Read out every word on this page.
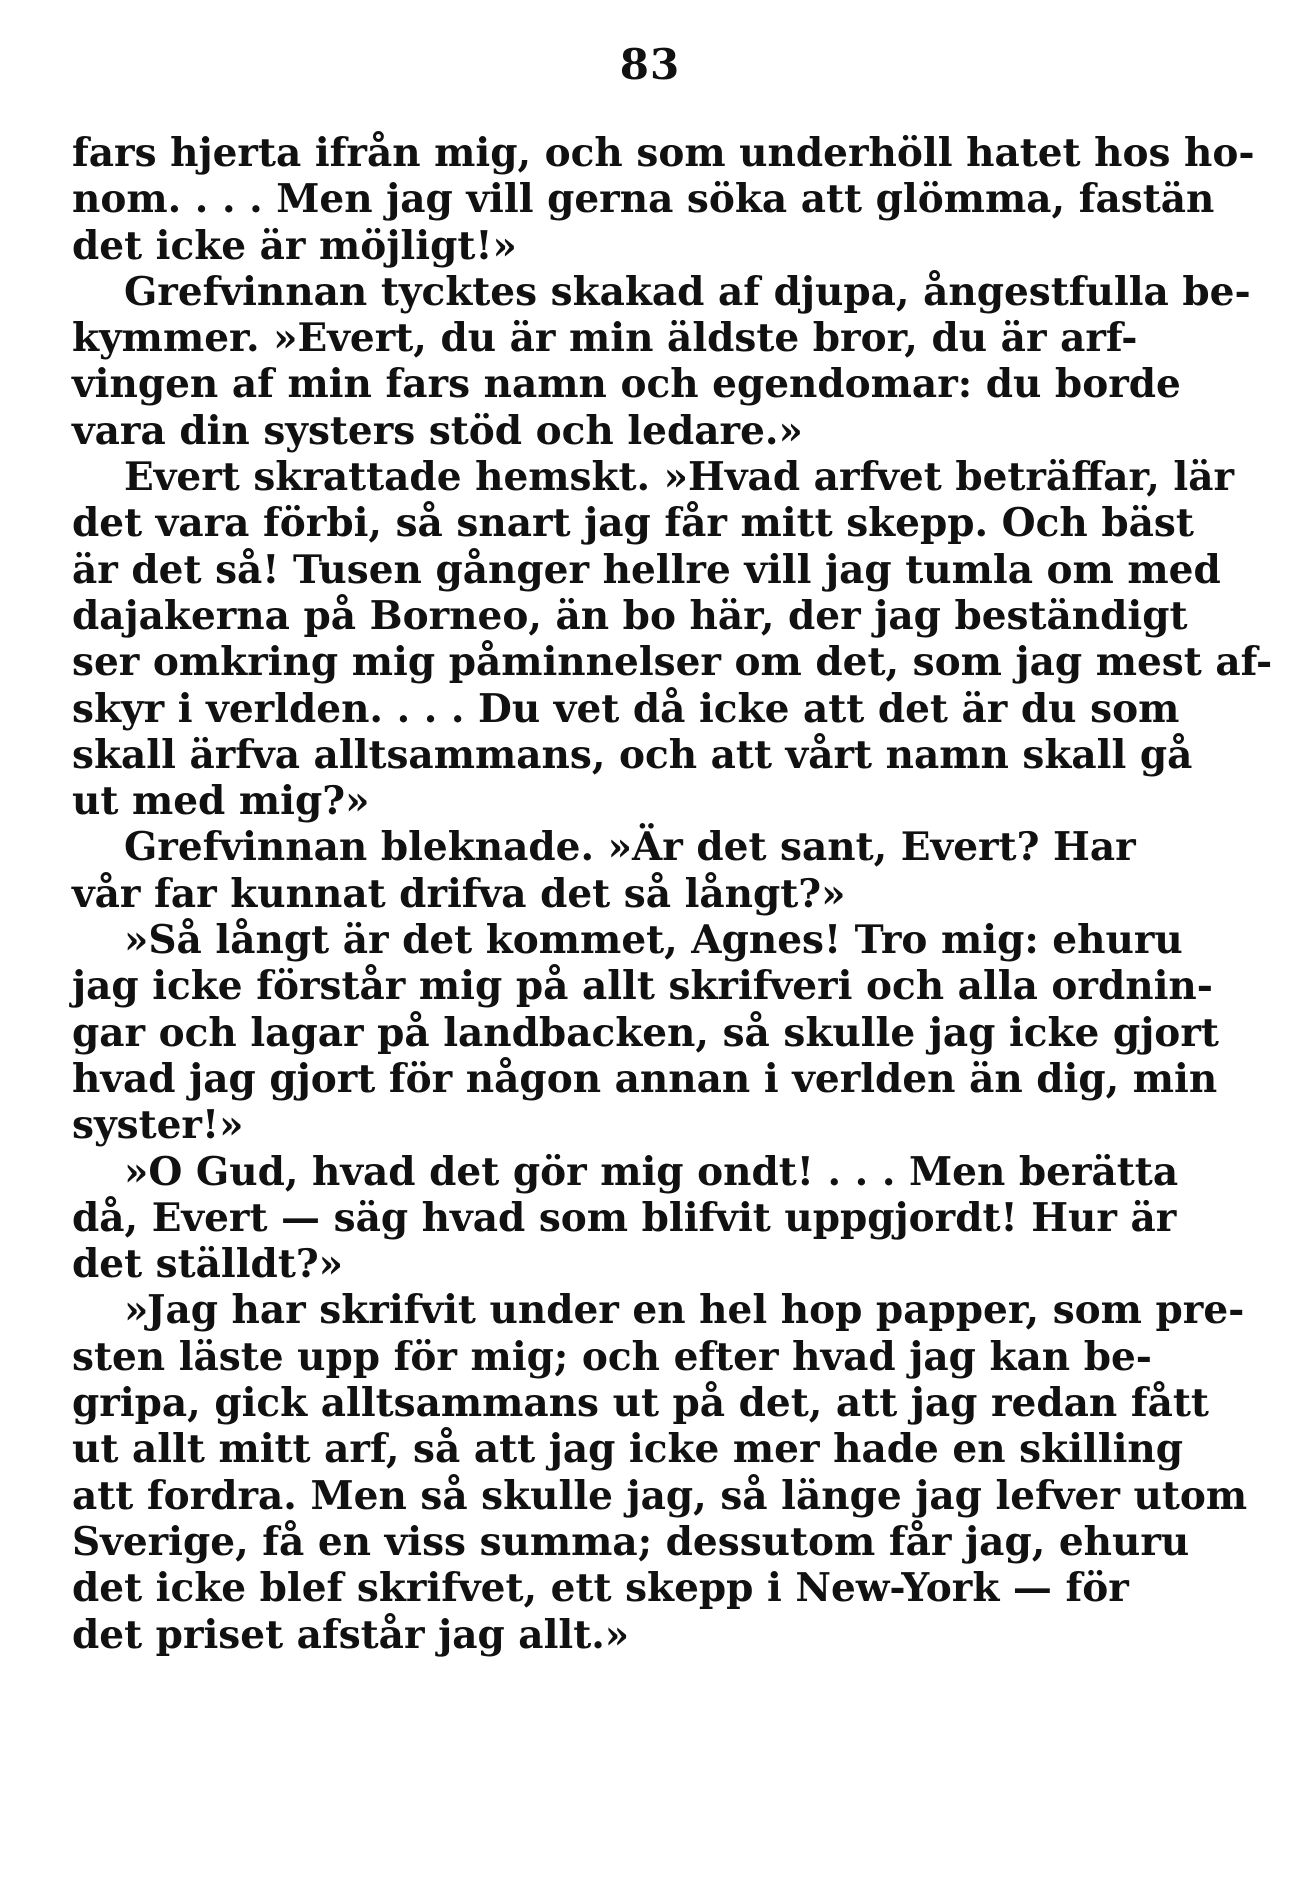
83
fars hjerta ifrån mig, och som underhöll hatet hos ho-
nom. . . . Men jag vill gerna söka att glömma, fastän
det icke är möjligt!»
Grefvinnan tycktes skakad af djupa, ångestfulla be-
kymmer. »Evert, du är min äldste bror, du är arf-
vingen af min fars namn och egendomar: du borde
vara din systers stöd och ledare.»
Evert skrattade hemskt. »Hvad arfvet beträffar, lär
det vara förbi, så snart jag får mitt skepp. Och bäst
är det så! Tusen gånger hellre vill jag tumla om med
dajakerna på Borneo, än bo här, der jag beständigt
ser omkring mig påminnelser om det, som jag mest af-
skyr i verlden. . . . Du vet då icke att det är du som
skall ärfva alltsammans, och att vårt namn skall gå
ut med mig?»
Grefvinnan bleknade. »Är det sant, Evert? Har
vår far kunnat drifva det så långt?»
»Så långt är det kommet, Agnes! Tro mig: ehuru
jag icke förstår mig på allt skrifveri och alla ordnin-
gar och lagar på landbacken, så skulle jag icke gjort
hvad jag gjort för någon annan i verlden än dig, min
syster!»
»O Gud, hvad det gör mig ondt! . . . Men berätta
då, Evert — säg hvad som blifvit uppgjordt! Hur är
det ställdt?»
»Jag har skrifvit under en hel hop papper, som pre-
sten läste upp för mig; och efter hvad jag kan be-
gripa, gick alltsammans ut på det, att jag redan fått
ut allt mitt arf, så att jag icke mer hade en skilling
att fordra. Men så skulle jag, så länge jag lefver utom
Sverige, få en viss summa; dessutom får jag, ehuru
det icke blef skrifvet, ett skepp i New-York — för
det priset afstår jag allt.»
